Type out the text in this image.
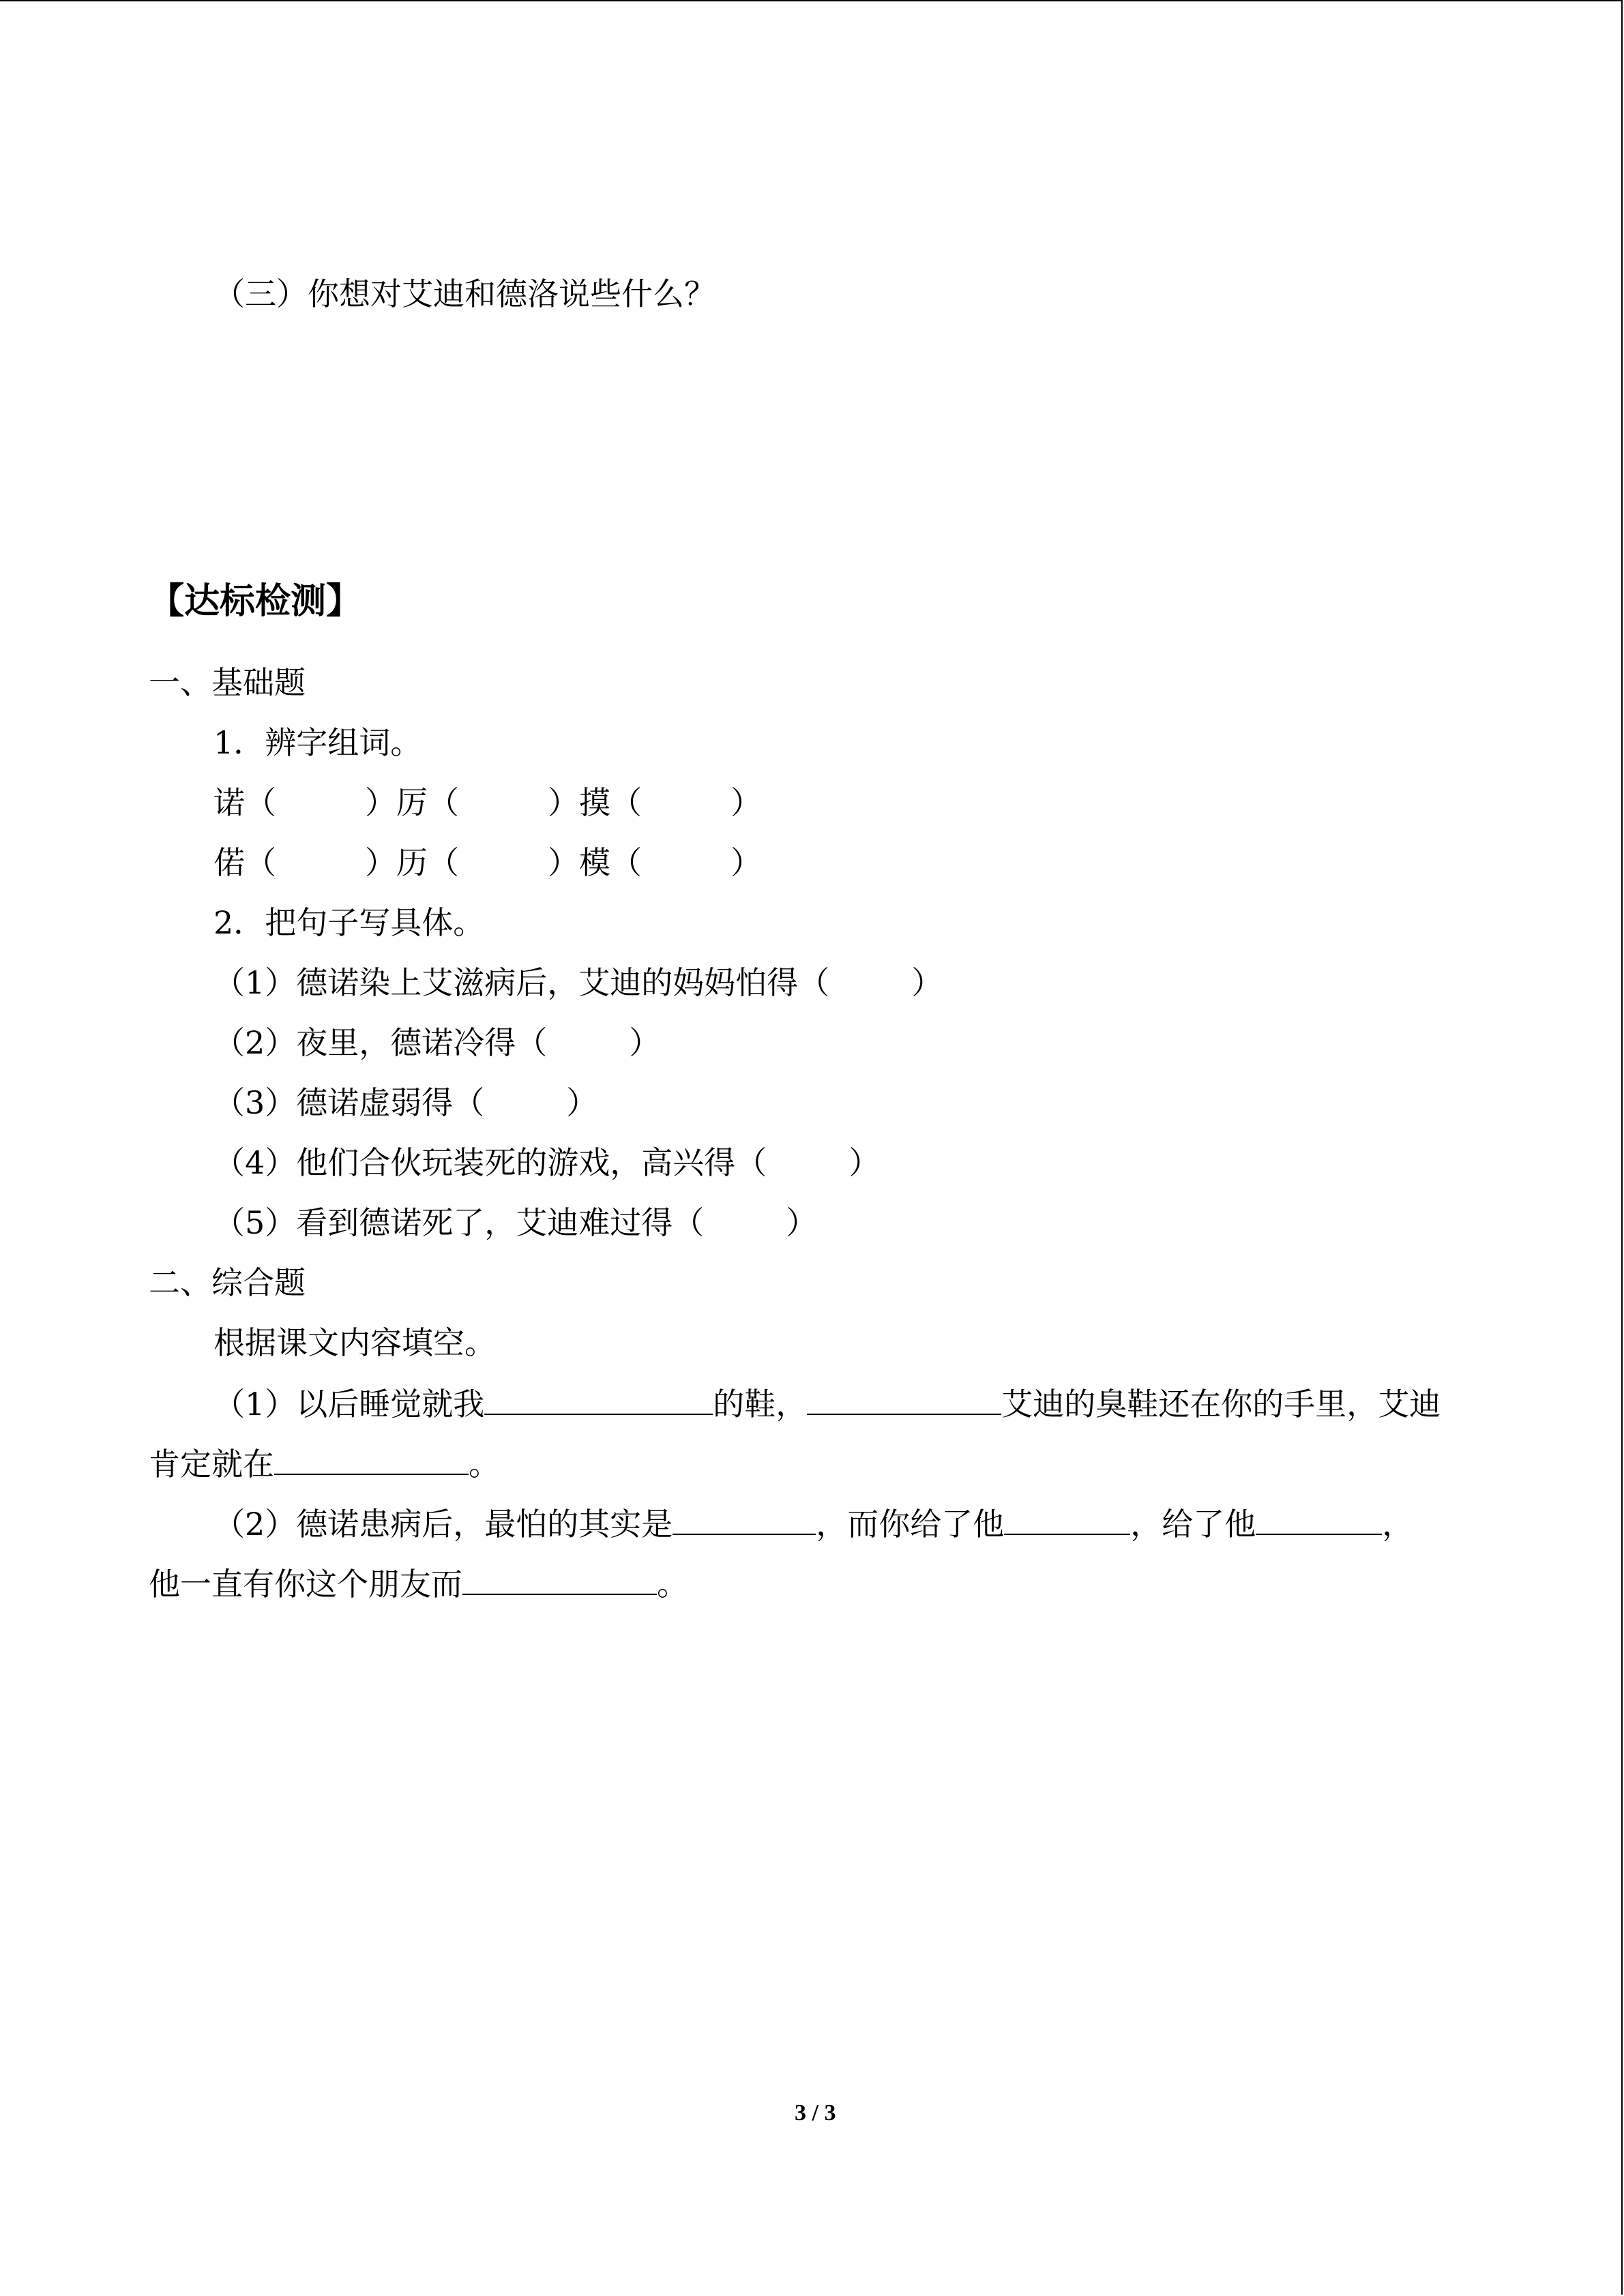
（三）你想对艾迪和德洛说些什么？
【达标检测】
一、基础题
1．辨字组词。
诺（	）厉（	）摸（	）
偌（	）历（	）模（	）
2．把句子写具体。
（1）德诺染上艾滋病后，艾迪的妈妈怕得（	）
（2）夜里，德诺冷得（	）
（3）德诺虚弱得（	）
（4）他们合伙玩装死的游戏，高兴得（	）
（5）看到德诺死了，艾迪难过得（	）
二、综合题
根据课文内容填空。
（1）以后睡觉就我	的鞋，	艾迪的臭鞋还在你的手里，艾迪
肯定就在	。
（2）德诺患病后，最怕的其实是	，而你给了他	，给了他	，
他一直有你这个朋友而	。
3 / 3
